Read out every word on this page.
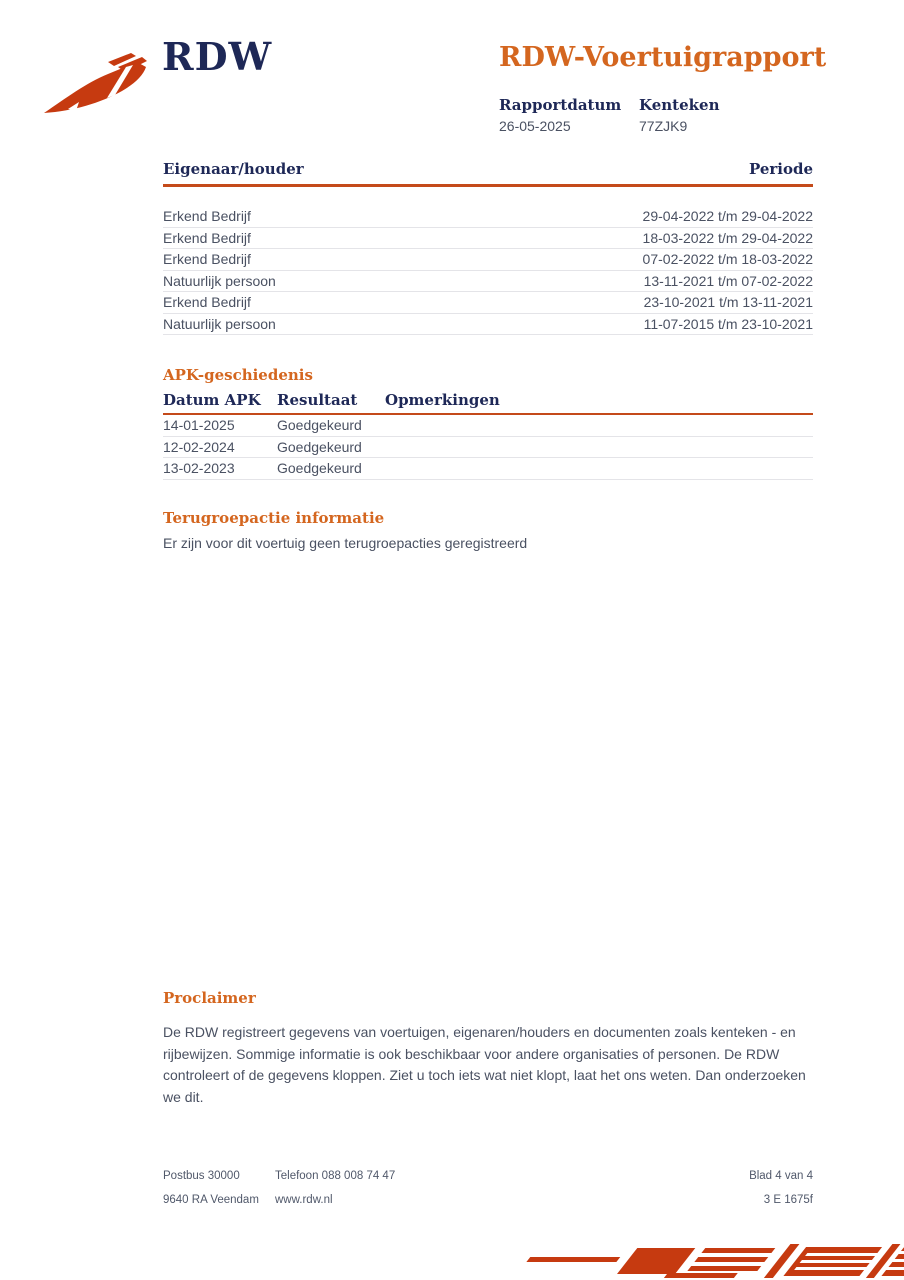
RDW	RDW-Voertuigrapport
Rapportdatum Kenteken
26-05-2025	77ZJK9
Eigenaar/houder	Periode
Erkend Bedrijf	29-04-2022 t/m 29-04-2022
Erkend Bedrijf	18-03-2022 t/m 29-04-2022
Erkend Bedrijf	07-02-2022 t/m 18-03-2022
Natuurlijk persoon	13-11-2021 t/m 07-02-2022
Erkend Bedrijf	23-10-2021 t/m 13-11-2021
Natuurlijk persoon	11-07-2015 t/m 23-10-2021
APK-geschiedenis
Datum APK	Resultaat	Opmerkingen
14-01-2025	Goedgekeurd
12-02-2024	Goedgekeurd
13-02-2023	Goedgekeurd
Terugroepactie informatie

Er zijn voor dit voertuig geen terugroepacties geregistreerd

Proclaimer

De RDW registreert gegevens van voertuigen, eigenaren/houders en documenten zoals kenteken - en rijbewijzen. Sommige informatie is ook beschikbaar voor andere organisaties of personen. De RDW controleert of de gegevens kloppen. Ziet u toch iets wat niet klopt, laat het ons weten. Dan onderzoeken we dit.

Postbus 30000	Telefoon 088 008 74 47	Blad 4 van 4
9640 RA Veendam	www.rdw.nl	3 E 1675f
